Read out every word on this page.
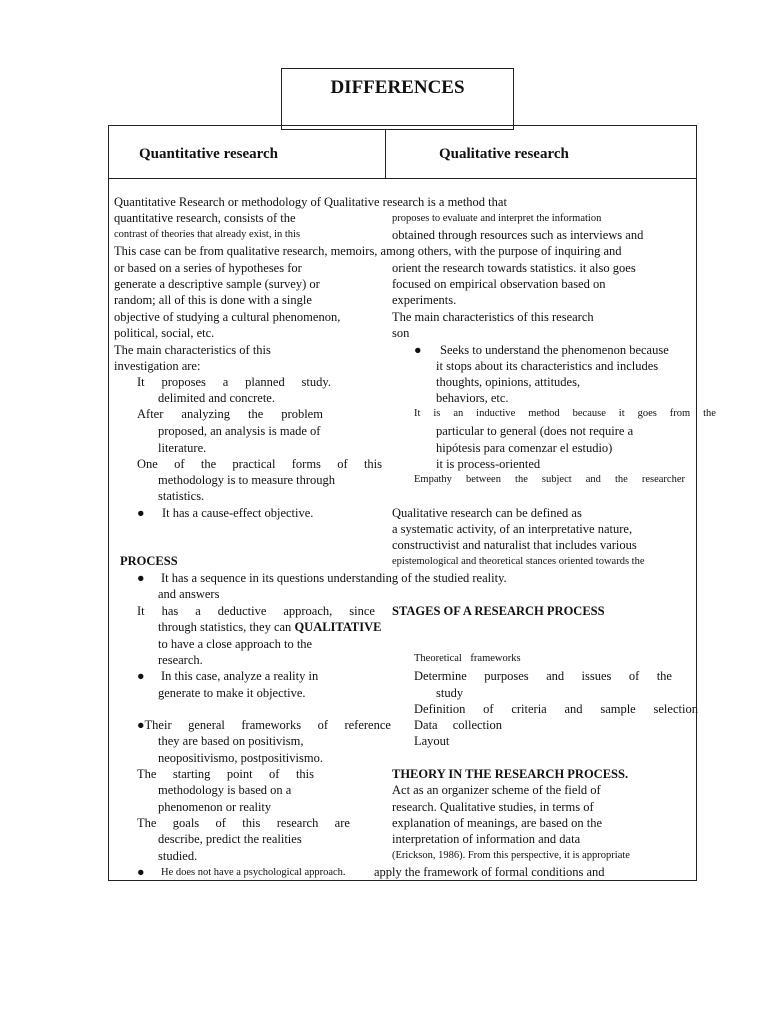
DIFFERENCES
Quantitative research	Qualitative research
Quantitative Research or methodology of Qualitative research is a method that
quantitative research, consists of the
contrast of theories that already exist, in this
This case can be from qualitative research, memoirs, among others, with the purpose of inquiring and
or based on a series of hypotheses for
generate a descriptive sample (survey) or
random; all of this is done with a single
objective of studying a cultural phenomenon,
political, social, etc.
The main characteristics of this
investigation are:
It proposes a planned study.
delimited and concrete.
After analyzing the problem
proposed, an analysis is made of
literature.
One of the practical forms of this
methodology is to measure through
statistics.
● It has a cause-effect objective.
PROCESS
● It has a sequence in its questions understanding of the studied reality.
and answers
It has a deductive approach, since
through statistics, they can QUALITATIVE
to have a close approach to the
research.
● In this case, analyze a reality in
generate to make it objective.
●Their general frameworks of reference
they are based on positivism,
neopositivismo, postpositivismo.
The starting point of this
methodology is based on a
phenomenon or reality
The goals of this research are
describe, predict the realities
studied.
● He does not have a psychological approach. apply the framework of formal conditions and
proposes to evaluate and interpret the information
obtained through resources such as interviews and
orient the research towards statistics. it also goes
focused on empirical observation based on
experiments.
The main characteristics of this research
son
● Seeks to understand the phenomenon because
it stops about its characteristics and includes
thoughts, opinions, attitudes,
behaviors, etc.
It is an inductive method because it goes from the
particular to general (does not require a
hipótesis para comenzar el estudio)
it is process-oriented
Empathy between the subject and the researcher
Qualitative research can be defined as
a systematic activity, of an interpretative nature,
constructivist and naturalist that includes various
epistemological and theoretical stances oriented towards the
STAGES OF A RESEARCH PROCESS
Theoretical frameworks
Determine purposes and issues of the
study
Definition of criteria and sample selection
Data collection
Layout
THEORY IN THE RESEARCH PROCESS.
Act as an organizer scheme of the field of
research. Qualitative studies, in terms of
explanation of meanings, are based on the
interpretation of information and data
(Erickson, 1986). From this perspective, it is appropriate
